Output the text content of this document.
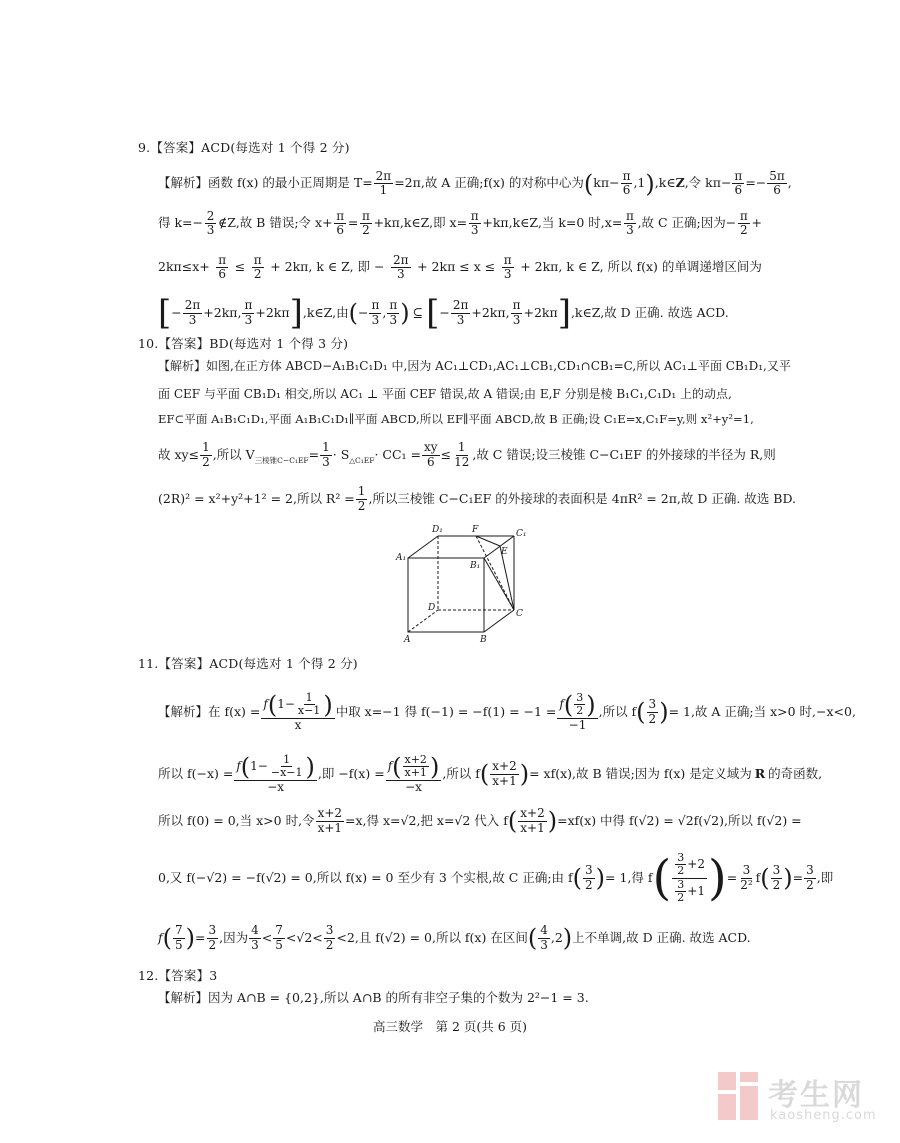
9.【答案】ACD(每选对 1 个得 2 分)
【解析】函数 f(x) 的最小正周期是 $T= \frac{2\pi}{1} =2\pi$,故 A 正确;f(x) 的对称中心为 ( $k\pi- \frac{\pi}{6} ,1$ ) ,k∈ Z ,令 $k\pi- \frac{\pi}{6} =- \frac{5\pi}{6}$ ,
得 $k=- \frac{2}{3}$ ∉Z,故 B 错误;令 $x+ \frac{\pi}{6} = \frac{\pi}{2}$ +kπ,k∈Z,即 $x= \frac{\pi}{3}$ +kπ,k∈Z,当 k=0 时$,x= \frac{\pi}{3}$ ,故 C 正确;因为− $\frac{\pi}{2}$ +
$2k\pi\le x+ \frac{\pi}{6} \le \frac{\pi}{2} + 2k\pi$, k ∈ Z, 即 − $\frac{2\pi}{3} + 2k\pi \le x \le \frac{\pi}{3} + 2k\pi$, k ∈ Z, 所以 f(x) 的单调递增区间为
[ − $\frac{2\pi}{3} +2k\pi$, $\frac{\pi}{3} +2k\pi$ ] ,k∈Z,由 ( − $\frac{\pi}{3}$ , $\frac{\pi}{3}$ ) ⊆ [ − $\frac{2\pi}{3} +2k\pi$, $\frac{\pi}{3} +2k\pi$ ] ,k∈Z,故 D 正确. 故选 ACD.
10.【答案】BD(每选对 1 个得 3 分)
【解析】如图,在正方体 ABCD−A₁B₁C₁D₁ 中,因为 AC₁⊥CD₁,AC₁⊥CB₁,CD₁∩CB₁=C,所以 AC₁⊥平面 CB₁D₁,又平
面 CEF 与平面 CB₁D₁ 相交,所以 AC₁ ⊥ 平面 CEF 错误,故 A 错误;由 E,F 分别是棱 B₁C₁,C₁D₁ 上的动点,
EF⊂平面 A₁B₁C₁D₁,平面 A₁B₁C₁D₁∥平面 ABCD,所以 EF∥平面 ABCD,故 B 正确;设 C₁E=x,C₁F=y,则 x²+y²=1,
故 $xy\le \frac{1}{2}$ ,所以 $V_{三棱锥C-C_1EF} = \frac{1}{3} \cdot S_{\triangle C_1EF} \cdot CC_1 = \frac{xy}{6} \le \frac{1}{12}$ ,故 C 错误;设三棱锥 C−C₁EF 的外接球的半径为 R,则
(2R)² = x²+y²+1² = 2,所以 $R^2 = \frac{1}{2}$ ,所以三棱锥 C−C₁EF 的外接球的表面积是 4πR² = 2π,故 D 正确. 故选 BD.
D₁	F	C₁
A₁
E
B₁
D
C
A	B
11.【答案】ACD(每选对 1 个得 2 分)
【解析】在 $f(x) = \frac{f ( 1- \frac{1}{x-1} )}{x}$ 中取 x=−1 得 $f(-1) = -f(1) = -1 = \frac{f ( \frac{3}{2} )}{-1}$ ,所以 f ( $\frac{3}{2}$ ) = 1,故 A 正确;当 x>0 时,−x<0,
所以 $f(-x) = \frac{f ( 1- \frac{1}{-x-1} )}{-x}$ ,即 $-f(x) = \frac{f ( \frac{x+2}{x+1} )}{-x}$ ,所以 f ( $\frac{x+2}{x+1}$ ) = xf(x),故 B 错误;因为 f(x) 是定义域为 R 的奇函数,
所以 f(0) = 0,当 x>0 时,令 $\frac{x+2}{x+1} =x$,得 x=√2,把 x=√2 代入 f ( $\frac{x+2}{x+1}$ ) =xf(x) 中得 f(√2) = √2f(√2),所以 f(√2) =
0,又 f(−√2) = −f(√2) = 0,所以 f(x) = 0 至少有 3 个实根,故 C 正确;由 f ( $\frac{3}{2}$ ) = 1,得 f ( $\frac{\frac{3}{2} +2}{\frac{3}{2} +1}$ ) = $\frac{3}{\text{2²}}$ f ( $\frac{3}{2}$ ) = $\frac{3}{2}$ ,即
f ( $\frac{7}{5}$ ) = $\frac{3}{2}$ ,因为 $\frac{4}{3} < \frac{7}{5} <√2< \frac{3}{2} <2$,且 f(√2) = 0,所以 f(x) 在区间 ( $\frac{4}{3} ,2$ ) 上不单调,故 D 正确. 故选 ACD.
12.【答案】3
【解析】因为 A∩B = {0,2},所以 A∩B 的所有非空子集的个数为 2²−1 = 3.
高三数学　第 2 页(共 6 页)
考生网
kaosheng.com
